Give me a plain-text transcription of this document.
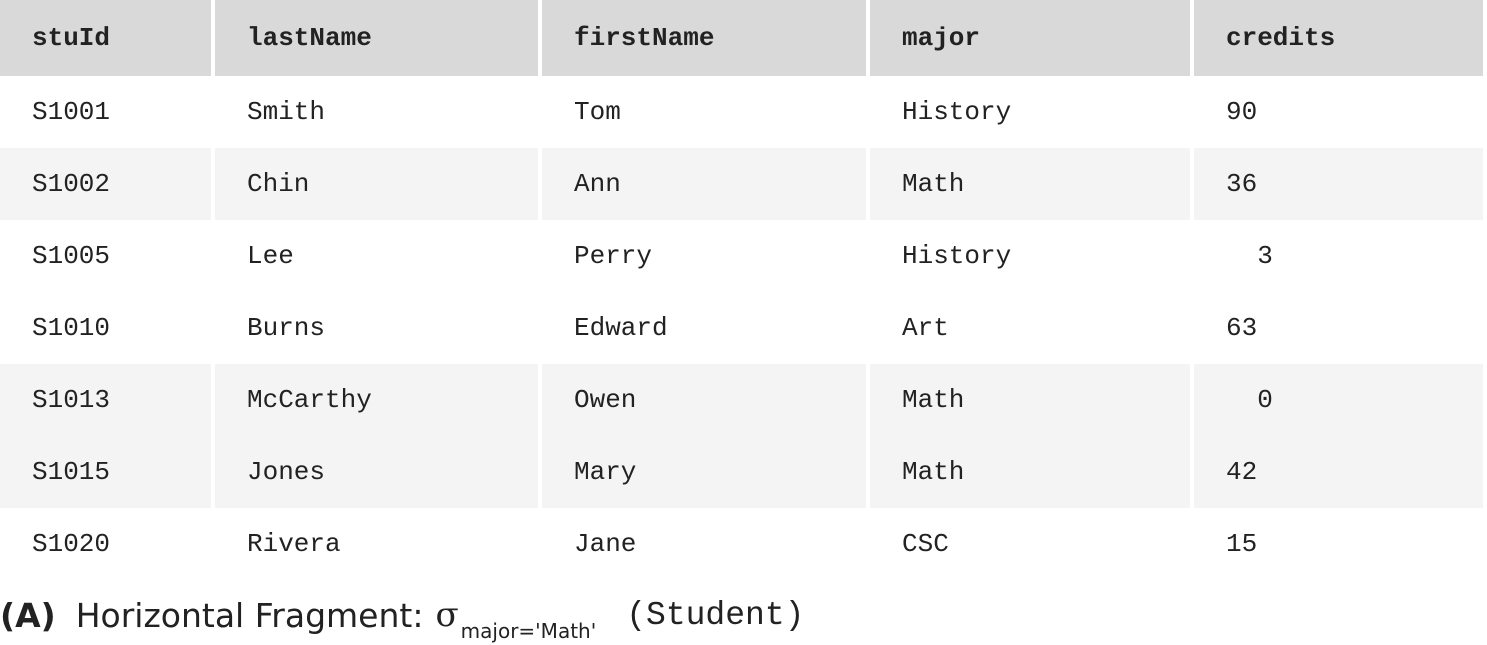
stuId	lastName	firstName	major	credits
S1001	Smith	Tom	History	90
S1002	Chin	Ann	Math	36
S1005	Lee	Perry	History	3
S1010	Burns	Edward	Art	63
S1013	McCarthy	Owen	Math	0
S1015	Jones	Mary	Math	42
S1020	Rivera	Jane	CSC	15
(A) Horizontal Fragment: σ major='Math' (Student)
